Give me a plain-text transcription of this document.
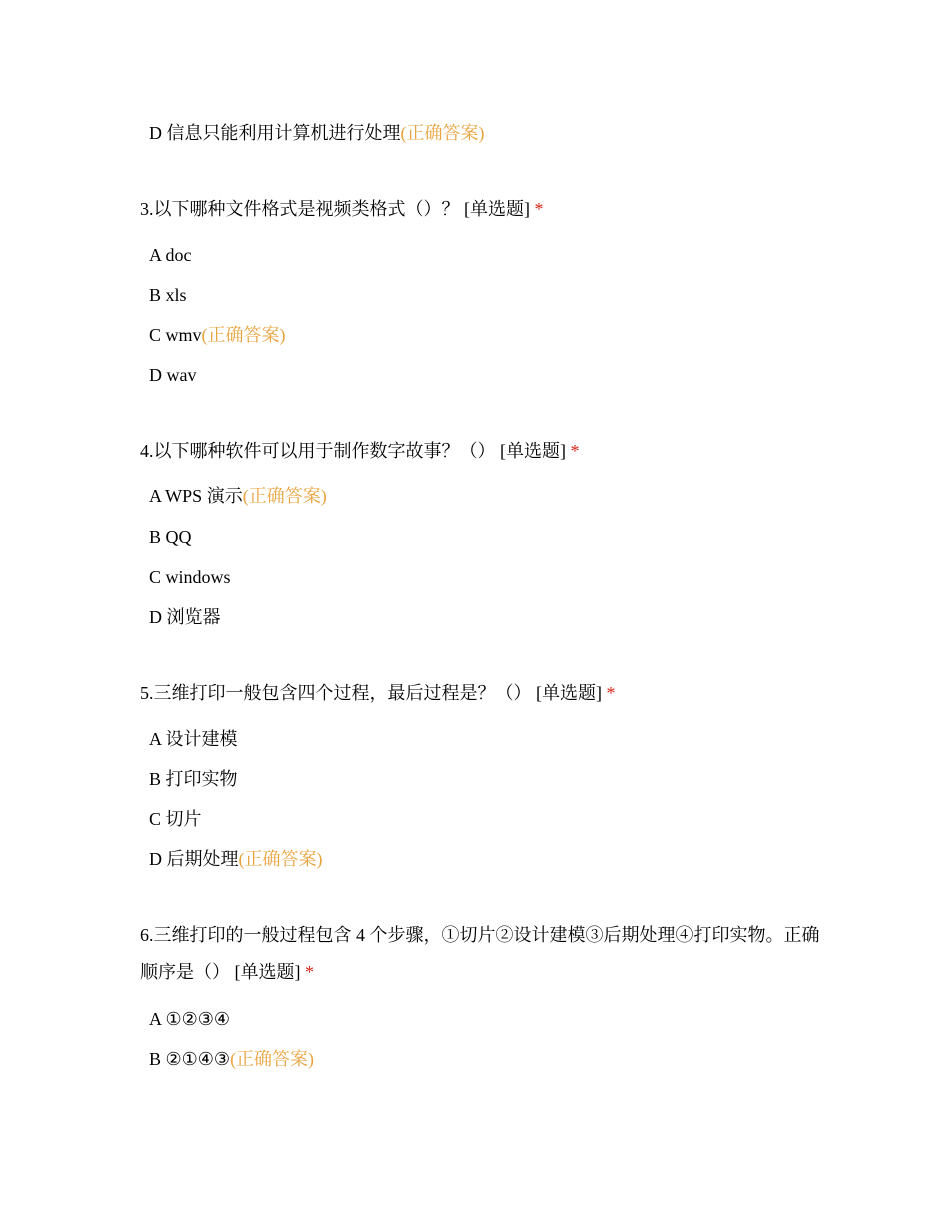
D 信息只能利用计算机进行处理(正确答案)
3.以下哪种文件格式是视频类格式（）？ [单选题] *
A doc
B xls
C wmv(正确答案)
D wav
4.以下哪种软件可以用于制作数字故事？（） [单选题] *
A WPS 演示(正确答案)
B QQ
C windows
D 浏览器
5.三维打印一般包含四个过程，最后过程是？（） [单选题] *
A 设计建模
B 打印实物
C 切片
D 后期处理(正确答案)
6.三维打印的一般过程包含 4 个步骤，①切片②设计建模③后期处理④打印实物。正确顺序是（） [单选题] *
A ①②③④
B ②①④③(正确答案)
